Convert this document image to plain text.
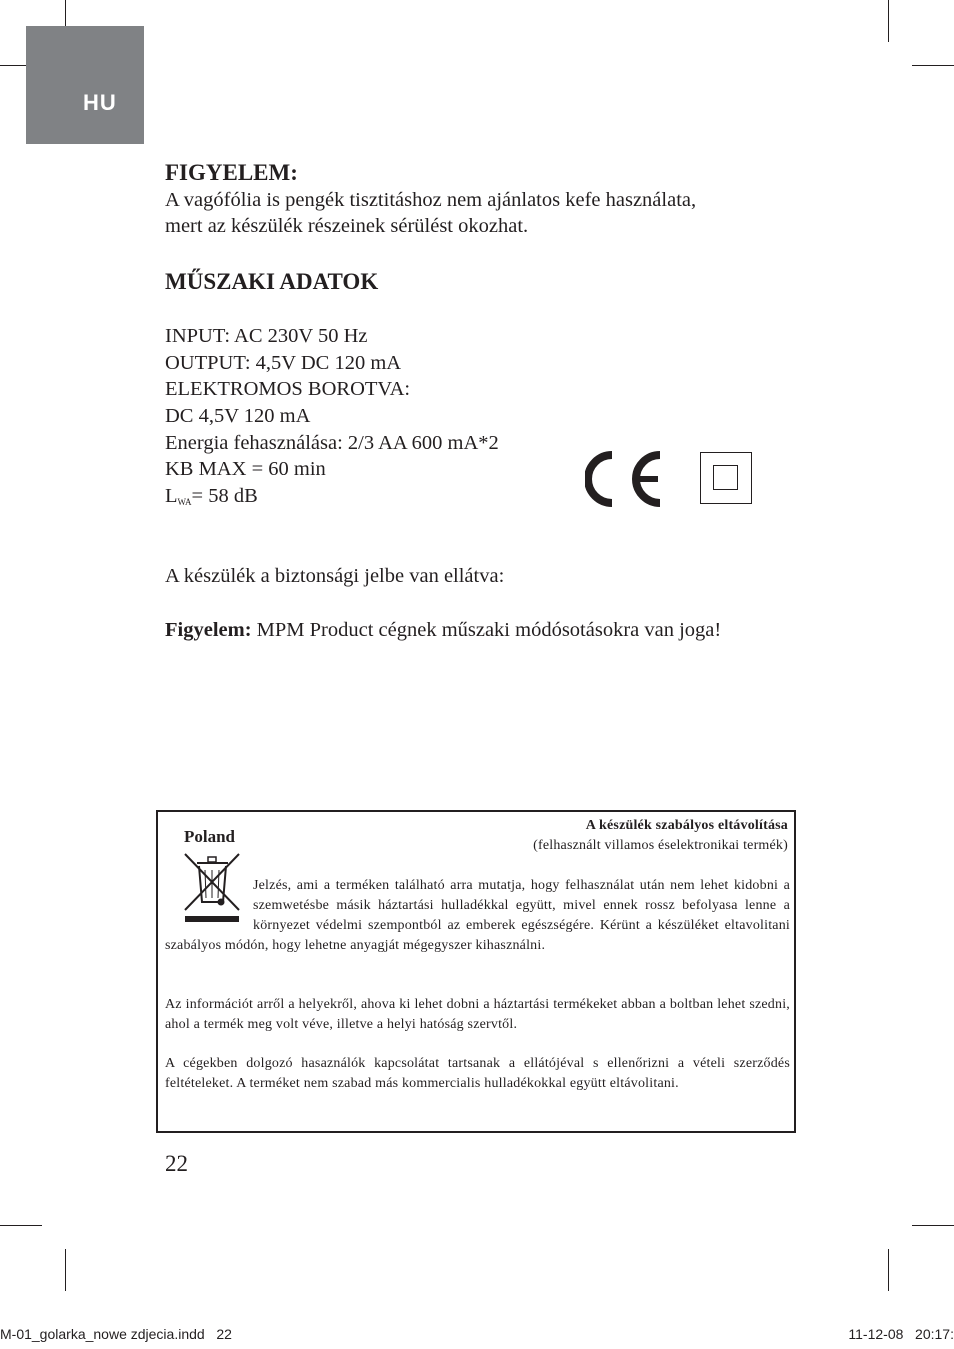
HU
FIGYELEM:
A vagófólia is pengék tisztitáshoz nem ajánlatos kefe használata,
mert az készülék részeinek sérülést okozhat.
MŰSZAKI ADATOK
INPUT: AC 230V 50 Hz
OUTPUT: 4,5V DC 120 mA
ELEKTROMOS BOROTVA:
DC 4,5V 120 mA
Energia fehasználása: 2/3 AA 600 mA*2
KB MAX = 60 min
LWA= 58 dB
A készülék a biztonsági jelbe van ellátva:
Figyelem: MPM Product cégnek műszaki módósotásokra van joga!
Poland
A készülék szabályos eltávolítása
(felhasznált villamos éselektronikai termék)
Jelzés, ami a terméken található arra mutatja, hogy felhasználat után nem lehet kidobni a szemwetésbe másik háztartási hulladékkal együtt, mivel ennek rossz befolyasa lenne a környezet védelmi szempontból az emberek egészségére. Kérünt a készüléket eltavolitani szabályos módón, hogy lehetne anyagját mégegyszer kihasználni.
Az információt arről a helyekről, ahova ki lehet dobni a háztartási termékeket abban a boltban lehet szedni, ahol a termék meg volt véve, illetve a helyi hatóság szervtől.
A cégekben dolgozó hasaználók kapcsolátat tartsanak a ellátójéval s ellenőrizni a vételi szerződés feltételeket. A terméket nem szabad más kommercialis hulladékokkal együtt eltávolitani.
22
M-01_golarka_nowe zdjecia.indd   22	11-12-08   20:17:
